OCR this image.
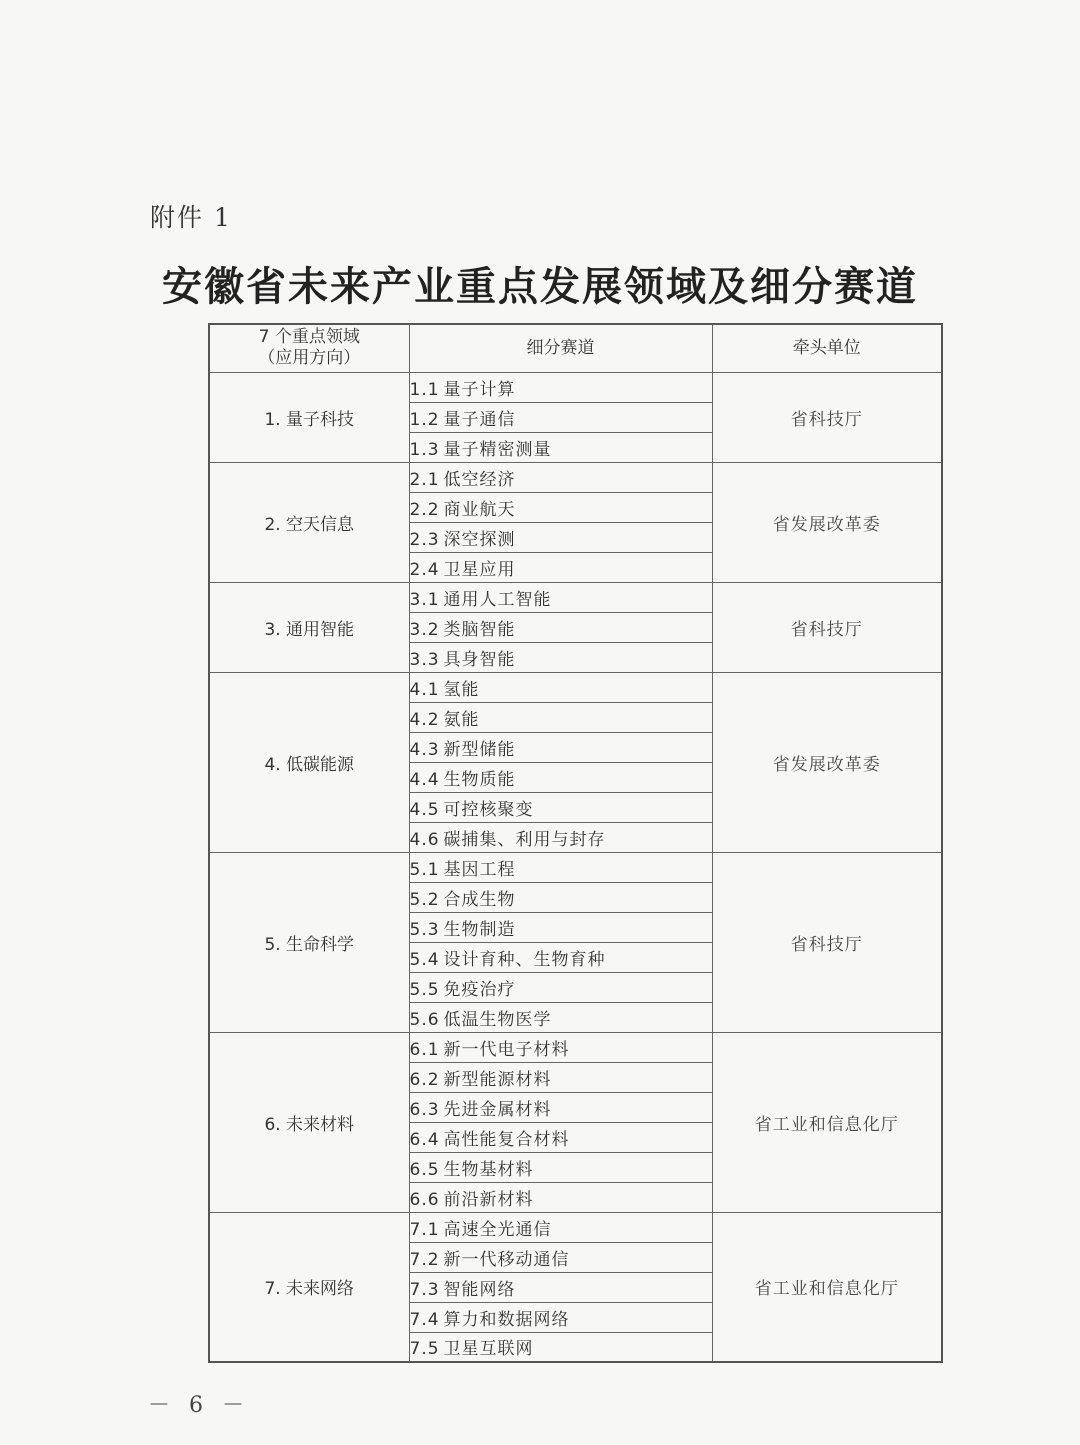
附件 1
安徽省未来产业重点发展领域及细分赛道
7 个重点领域
（应用方向）	细分赛道	牵头单位
1. 量子科技	1.1 量子计算	省科技厅
	1.2 量子通信	
	1.3 量子精密测量	
2. 空天信息	2.1 低空经济	省发展改革委
	2.2 商业航天	
	2.3 深空探测	
	2.4 卫星应用	
3. 通用智能	3.1 通用人工智能	省科技厅
	3.2 类脑智能	
	3.3 具身智能	
4. 低碳能源	4.1 氢能	省发展改革委
	4.2 氨能	
	4.3 新型储能	
	4.4 生物质能	
	4.5 可控核聚变	
	4.6 碳捕集、利用与封存	
5. 生命科学	5.1 基因工程	省科技厅
	5.2 合成生物	
	5.3 生物制造	
	5.4 设计育种、生物育种	
	5.5 免疫治疗	
	5.6 低温生物医学	
6. 未来材料	6.1 新一代电子材料	省工业和信息化厅
	6.2 新型能源材料	
	6.3 先进金属材料	
	6.4 高性能复合材料	
	6.5 生物基材料	
	6.6 前沿新材料	
7. 未来网络	7.1 高速全光通信	省工业和信息化厅
	7.2 新一代移动通信	
	7.3 智能网络	
	7.4 算力和数据网络	
	7.5 卫星互联网	
－ 6 －
